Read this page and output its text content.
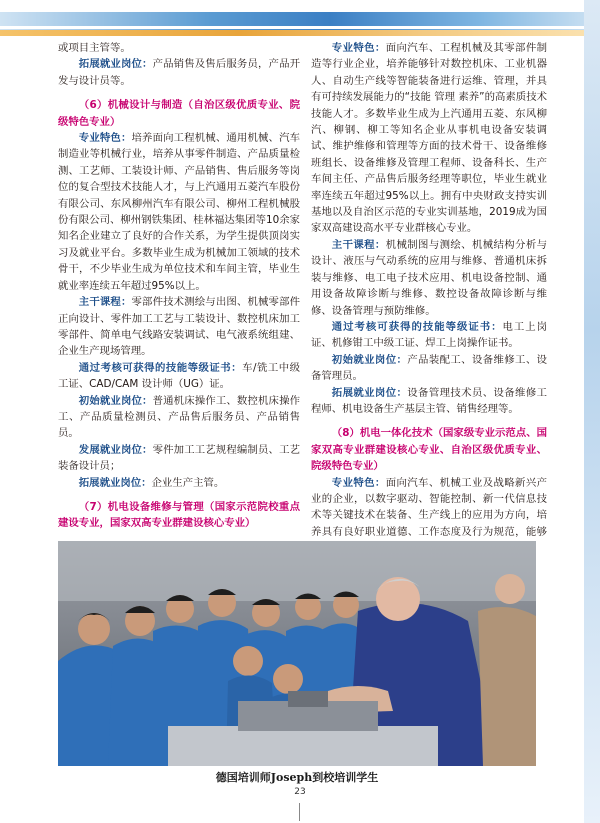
或项目主管等。

拓展就业岗位：产品销售及售后服务员，产品开发与设计员等。

（6）机械设计与制造（自治区级优质专业、院级特色专业）

专业特色：培养面向工程机械、通用机械、汽车制造业等机械行业，培养从事零件制造、产品质量检测、工艺师、工装设计师、产品销售、售后服务等岗位的复合型技术技能人才，与上汽通用五菱汽车股份有限公司、东风柳州汽车有限公司、柳州工程机械股份有限公司、柳州钢铁集团、桂林福达集团等10余家知名企业建立了良好的合作关系，为学生提供顶岗实习及就业平台。多数毕业生成为机械加工领域的技术骨干，不少毕业生成为单位技术和车间主管，毕业生就业率连续五年超过95%以上。

主干课程：零部件技术测绘与出图、机械零部件正向设计、零件加工工艺与工装设计、数控机床加工零部件、简单电气线路安装调试、电气液系统组建、企业生产现场管理。

通过考核可获得的技能等级证书：车/铣工中级工证、CAD/CAM 设计师（UG）证。

初始就业岗位：普通机床操作工、数控机床操作工、产品质量检测员、产品售后服务员、产品销售员。

发展就业岗位：零件加工工艺规程编制员、工艺装备设计员；

拓展就业岗位：企业生产主管。

（7）机电设备维修与管理（国家示范院校重点建设专业，国家双高专业群建设核心专业）

专业特色：面向汽车、工程机械及其零部件制造等行业企业，培养能够针对数控机床、工业机器人、自动生产线等智能装备进行运维、管理，并具有可持续发展能力的“技能 管理 素养”的高素质技术技能人才。多数毕业生成为上汽通用五菱、东风柳汽、柳钢、柳工等知名企业从事机电设备安装调试、维护维修和管理等方面的技术骨干、设备维修班组长、设备维修及管理工程师、设备科长、生产车间主任、产品售后服务经理等职位，毕业生就业率连续五年超过95%以上。拥有中央财政支持实训基地以及自治区示范的专业实训基地，2019成为国家双高建设高水平专业群核心专业。

主干课程：机械制图与测绘、机械结构分析与设计、液压与气动系统的应用与维修、普通机床拆装与维修、电工电子技术应用、机电设备控制、通用设备故障诊断与维修、数控设备故障诊断与维修、设备管理与预防维修。

通过考核可获得的技能等级证书：电工上岗证、机修钳工中级工证、焊工上岗操作证书。

初始就业岗位：产品装配工、设备维修工、设备管理员。

拓展就业岗位：设备管理技术员、设备维修工程师、机电设备生产基层主管、销售经理等。

（8）机电一体化技术（国家级专业示范点、国家双高专业群建设核心专业、自治区级优质专业、院级特色专业）

专业特色：面向汽车、机械工业及战略新兴产业的企业，以数字驱动、智能控制、新一代信息技术等关键技术在装备、生产线上的应用为方向，培养具有良好职业道德、工作态度及行为规范，能够

德国培训师Joseph到校培训学生
23
